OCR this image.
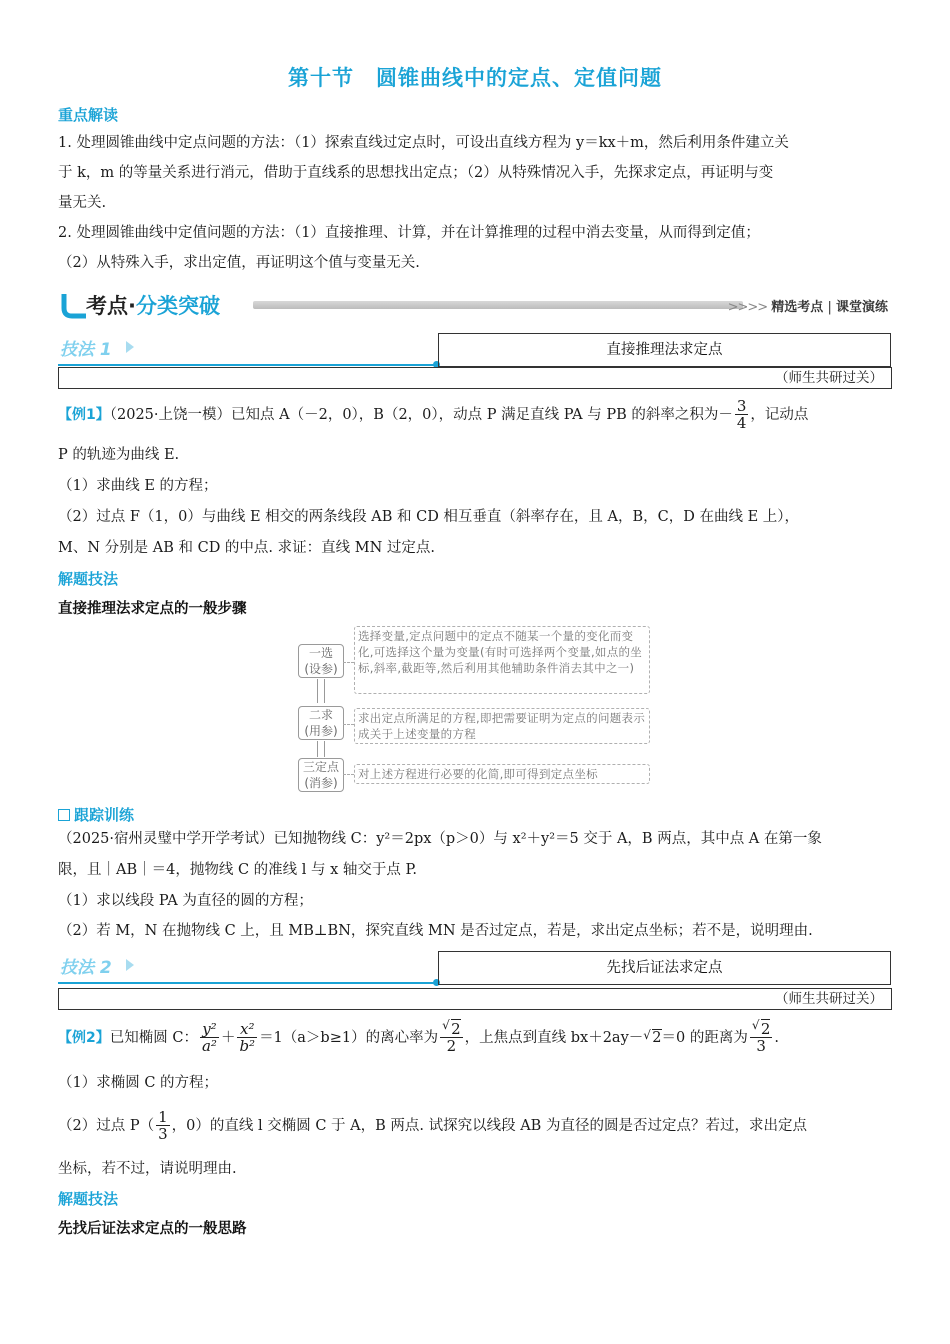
第十节　圆锥曲线中的定点、定值问题
重点解读
1. 处理圆锥曲线中定点问题的方法：（1）探索直线过定点时，可设出直线方程为 y＝kx＋m，然后利用条件建立关
于 k，m 的等量关系进行消元，借助于直线系的思想找出定点；（2）从特殊情况入手，先探求定点，再证明与变
量无关.
2. 处理圆锥曲线中定值问题的方法：（1）直接推理、计算，并在计算推理的过程中消去变量，从而得到定值；
（2）从特殊入手，求出定值，再证明这个值与变量无关.
考点·分类突破	>>>> 精选考点 | 课堂演练
技法 1	直接推理法求定点
（师生共研过关）
【例1】（2025·上饶一模）已知点 A（－2，0），B（2，0），动点 P 满足直线 PA 与 PB 的斜率之积为－ $\frac{3}{4}$ ，记动点
P 的轨迹为曲线 E.
（1）求曲线 E 的方程；
（2）过点 F（1，0）与曲线 E 相交的两条线段 AB 和 CD 相互垂直（斜率存在，且 A，B，C，D 在曲线 E 上），
M、N 分别是 AB 和 CD 的中点. 求证：直线 MN 过定点.
解题技法
直接推理法求定点的一般步骤
一选
(设参)
二求
(用参)
三定点
(消参)
选择变量,定点问题中的定点不随某一个量的变化而变化,可选择这个量为变量(有时可选择两个变量,如点的坐标,斜率,截距等,然后利用其他辅助条件消去其中之一)
求出定点所满足的方程,即把需要证明为定点的问题表示成关于上述变量的方程
对上述方程进行必要的化简,即可得到定点坐标
跟踪训练
（2025·宿州灵璧中学开学考试）已知抛物线 C：y²＝2px（p＞0）与 x²＋y²＝5 交于 A，B 两点，其中点 A 在第一象
限，且｜AB｜＝4，抛物线 C 的准线 l 与 x 轴交于点 P.
（1）求以线段 PA 为直径的圆的方程；
（2）若 M，N 在抛物线 C 上，且 MB⊥BN，探究直线 MN 是否过定点，若是，求出定点坐标；若不是，说明理由.
技法 2	先找后证法求定点
（师生共研过关）
【例2】已知椭圆 C： $\frac{\text{y²}}{\text{a²}} + \frac{\text{x²}}{\text{b²}} =1(a>b\ge 1)$的离心率为 $\frac{√ 2}{2}$ ，上焦点到直线 bx＋2ay－ √ 2＝0 的距离为 $\frac{√ 2}{3}$ .
（1）求椭圆 C 的方程；
（2）过点 $P( \frac{1}{3}$ ，0）的直线 l 交椭圆 C 于 A，B 两点. 试探究以线段 AB 为直径的圆是否过定点？若过，求出定点
坐标，若不过，请说明理由.
解题技法
先找后证法求定点的一般思路
